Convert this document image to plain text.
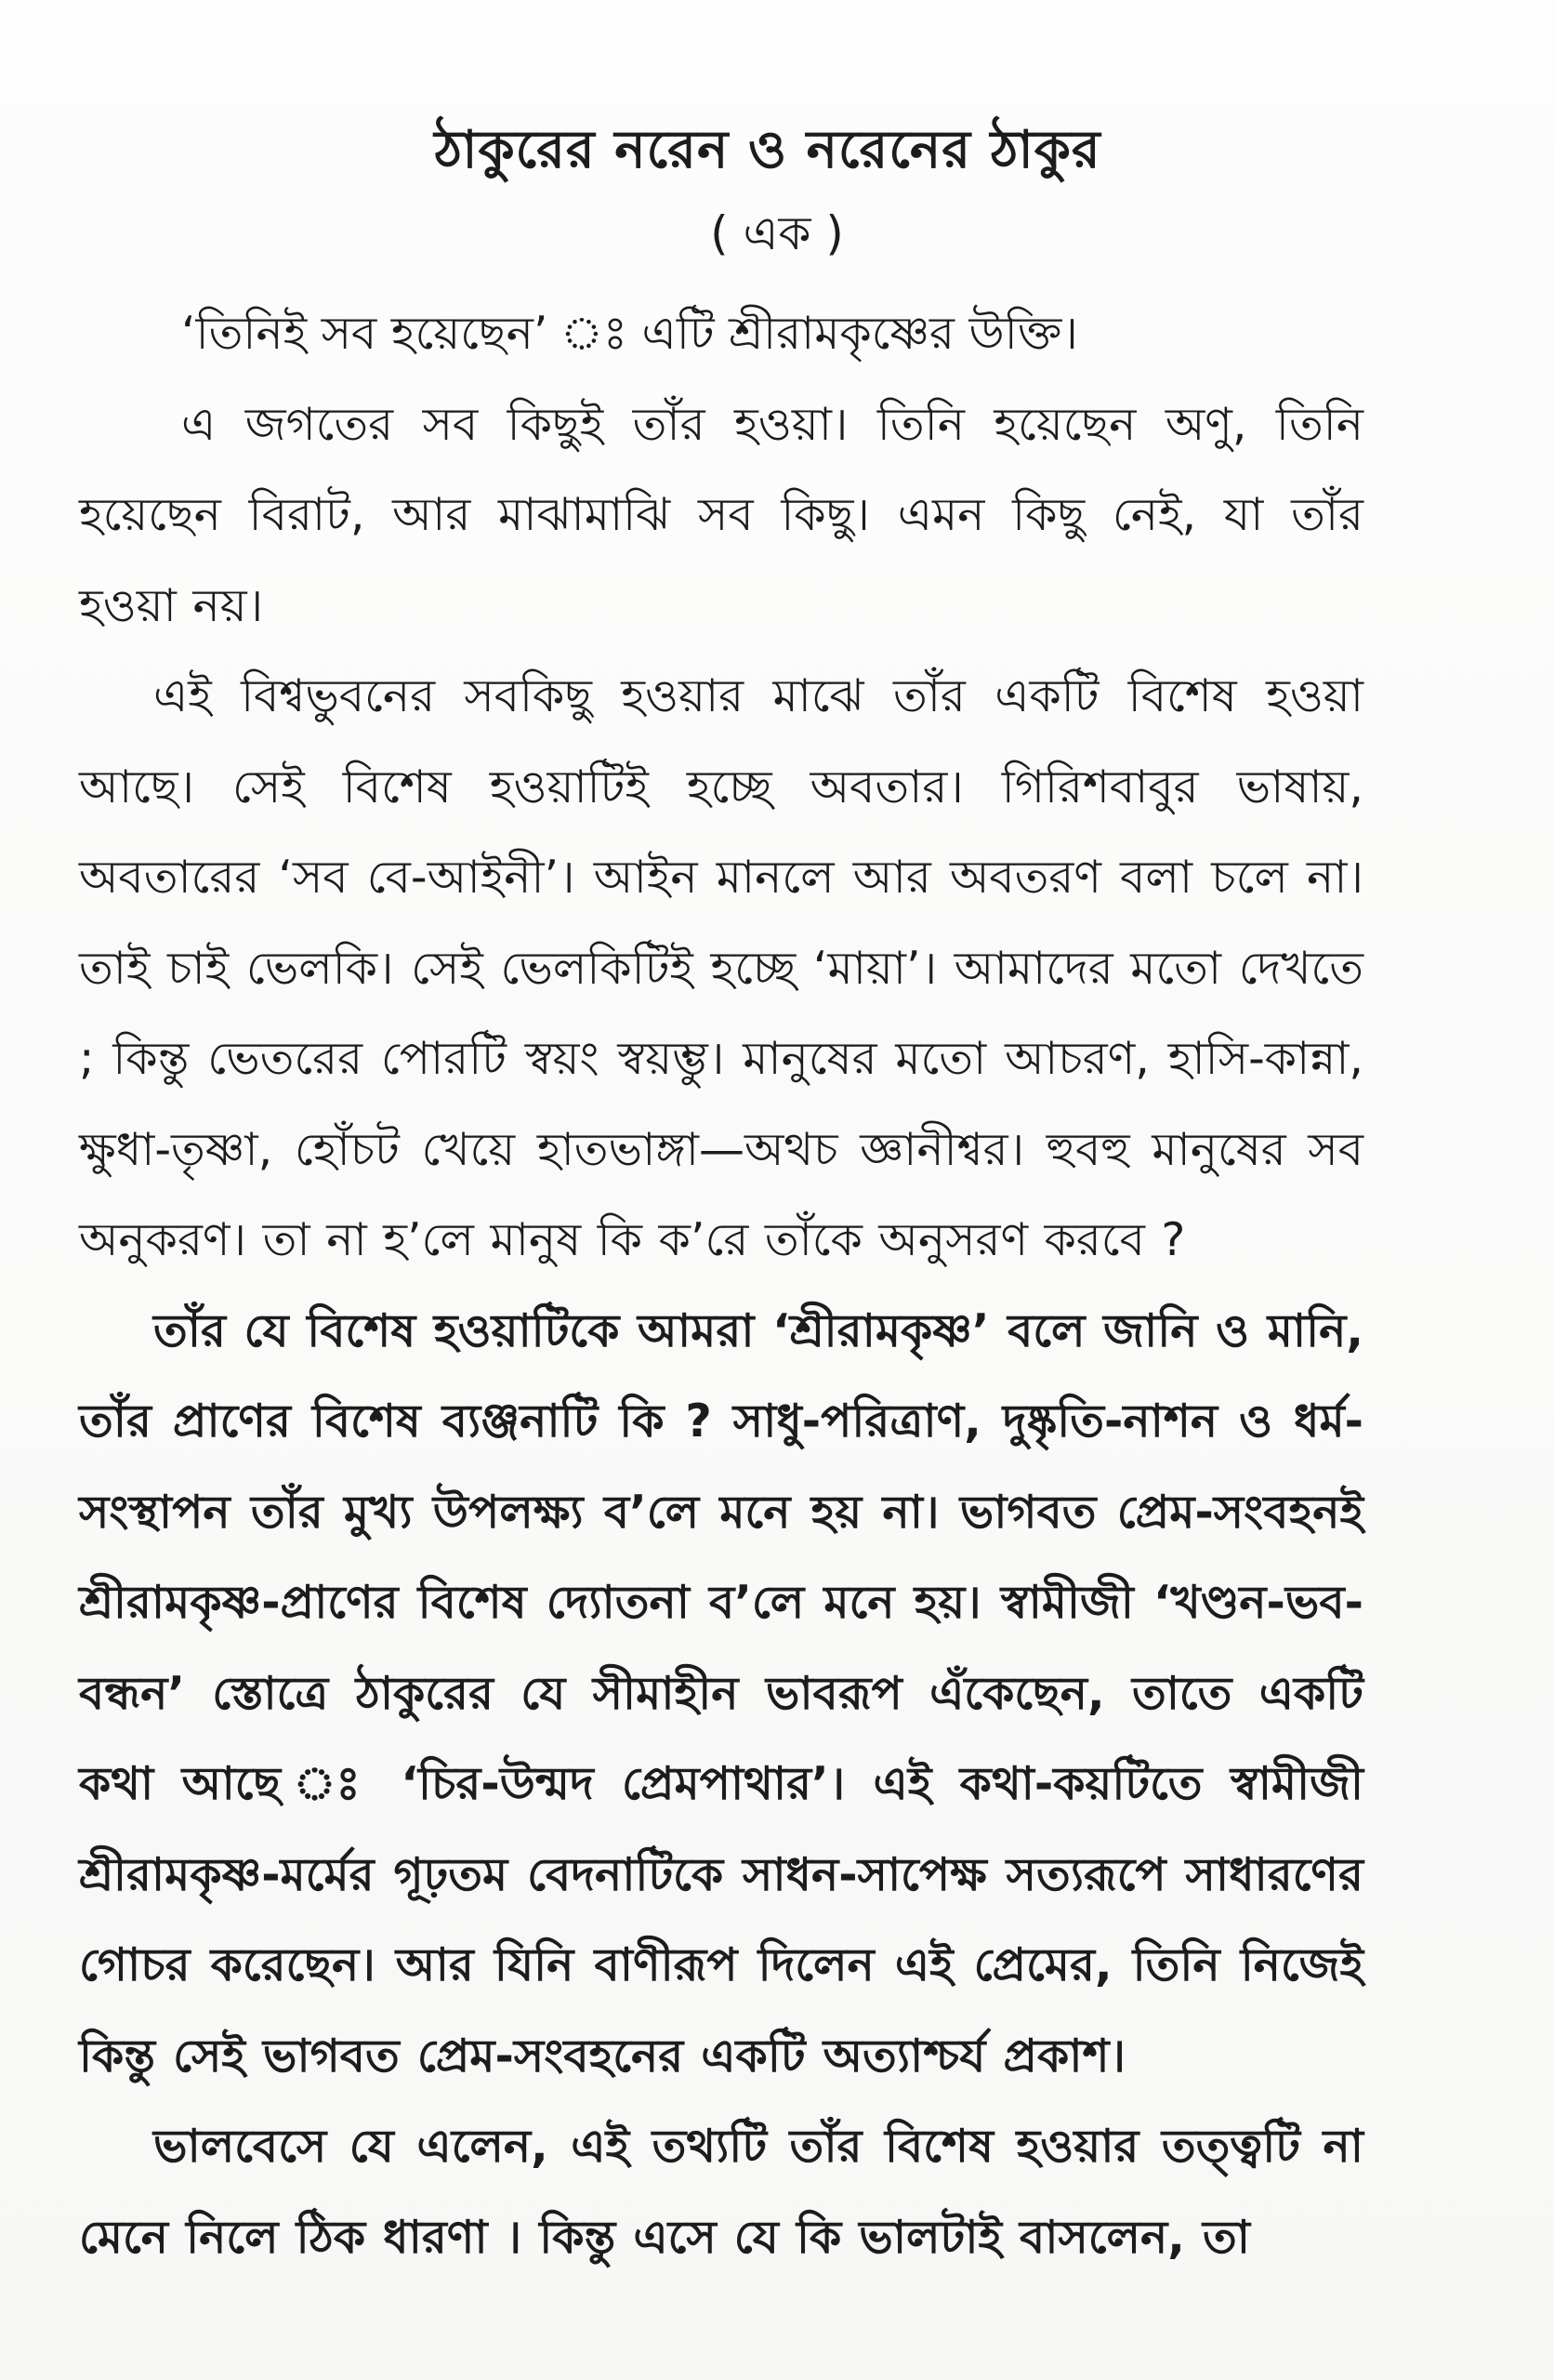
ঠাকুরের নরেন ও নরেনের ঠাকুর
( এক )

‘তিনিই সব হয়েছেন’ ঃ এটি শ্রীরামকৃষ্ণের উক্তি।

এ জগতের সব কিছুই তাঁর হওয়া। তিনি হয়েছেন অণু, তিনি হয়েছেন বিরাট, আর মাঝামাঝি সব কিছু। এমন কিছু নেই, যা তাঁর হওয়া নয়।

এই বিশ্বভুবনের সবকিছু হওয়ার মাঝে তাঁর একটি বিশেষ হওয়া আছে। সেই বিশেষ হওয়াটিই হচ্ছে অবতার। গিরিশবাবুর ভাষায়, অবতারের ‘সব বে-আইনী’। আইন মানলে আর অবতরণ বলা চলে না। তাই চাই ভেলকি। সেই ভেলকিটিই হচ্ছে ‘মায়া’। আমাদের মতো দেখতে ; কিন্তু ভেতরের পোরটি স্বয়ং স্বয়ম্ভু। মানুষের মতো আচরণ, হাসি-কান্না, ক্ষুধা-তৃষ্ণা, হোঁচট খেয়ে হাতভাঙ্গা—অথচ জ্ঞানীশ্বর। হুবহু মানুষের সব অনুকরণ। তা না হ’লে মানুষ কি ক’রে তাঁকে অনুসরণ করবে ?

তাঁর যে বিশেষ হওয়াটিকে আমরা ‘শ্রীরামকৃষ্ণ’ বলে জানি ও মানি, তাঁর প্রাণের বিশেষ ব্যঞ্জনাটি কি ? সাধু-পরিত্রাণ, দুষ্কৃতি-নাশন ও ধর্ম-সংস্থাপন তাঁর মুখ্য উপলক্ষ্য ব’লে মনে হয় না। ভাগবত প্রেম-সংবহনই শ্রীরামকৃষ্ণ-প্রাণের বিশেষ দ্যোতনা ব’লে মনে হয়। স্বামীজী ‘খণ্ডন-ভব-বন্ধন’ স্তোত্রে ঠাকুরের যে সীমাহীন ভাবরূপ এঁকেছেন, তাতে একটি কথা আছে ঃ ‘চির-উন্মদ প্রেমপাথার’। এই কথা-কয়টিতে স্বামীজী শ্রীরামকৃষ্ণ-মর্মের গূঢ়তম বেদনাটিকে সাধন-সাপেক্ষ সত্যরূপে সাধারণের গোচর করেছেন। আর যিনি বাণীরূপ দিলেন এই প্রেমের, তিনি নিজেই কিন্তু সেই ভাগবত প্রেম-সংবহনের একটি অত্যাশ্চর্য প্রকাশ।

ভালবেসে যে এলেন, এই তথ্যটি তাঁর বিশেষ হওয়ার তত্ত্বটি না মেনে নিলে ঠিক ধারণা । কিন্তু এসে যে কি ভালটাই বাসলেন, তা
